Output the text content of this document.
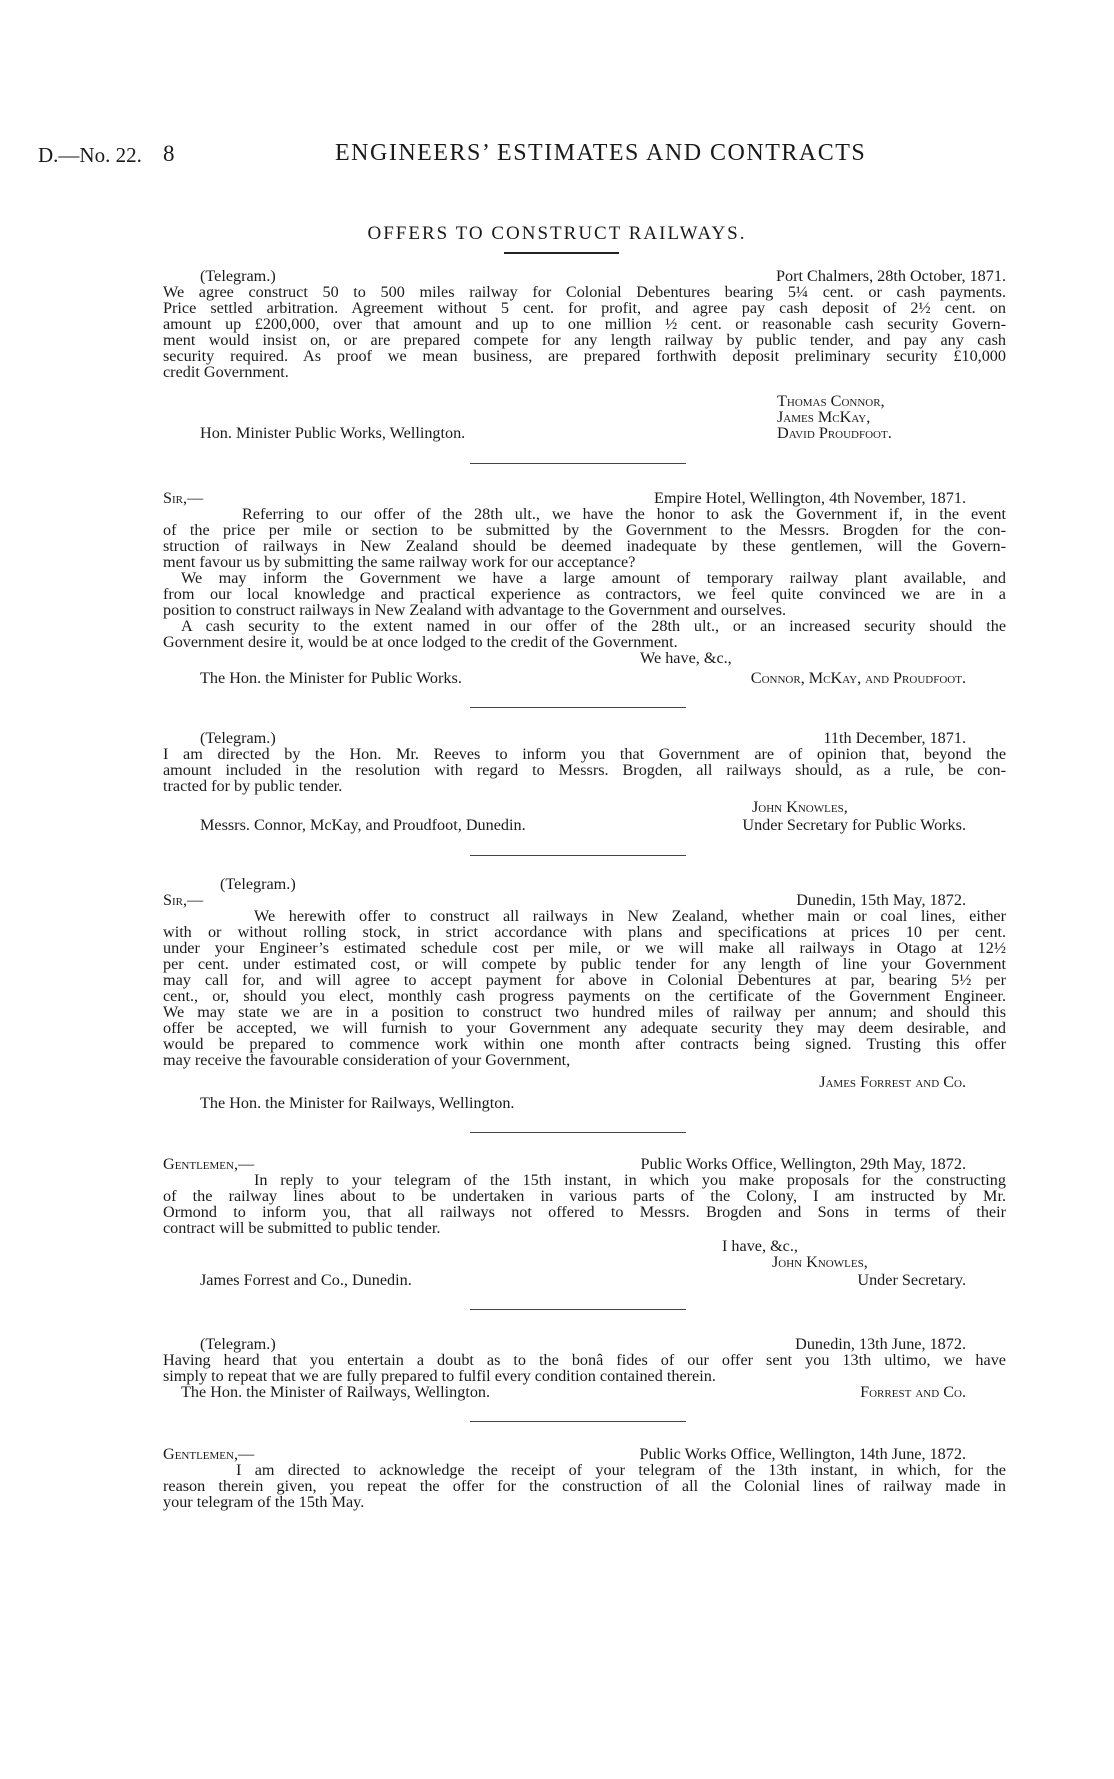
D.—No. 22. 8	ENGINEERS’ ESTIMATES AND CONTRACTS
OFFERS TO CONSTRUCT RAILWAYS.
(Telegram.)	Port Chalmers, 28th October, 1871.
We agree construct 50 to 500 miles railway for Colonial Debentures bearing 5¼ cent. or cash payments.
Price settled arbitration. Agreement without 5 cent. for profit, and agree pay cash deposit of 2½ cent. on
amount up £200,000, over that amount and up to one million ½ cent. or reasonable cash security Govern-
ment would insist on, or are prepared compete for any length railway by public tender, and pay any cash
security required. As proof we mean business, are prepared forthwith deposit preliminary security £10,000
credit Government.
Thomas Connor,
James McKay,
David Proudfoot.
Hon. Minister Public Works, Wellington.
Sir,—	Empire Hotel, Wellington, 4th November, 1871.
Referring to our offer of the 28th ult., we have the honor to ask the Government if, in the event
of the price per mile or section to be submitted by the Government to the Messrs. Brogden for the con-
struction of railways in New Zealand should be deemed inadequate by these gentlemen, will the Govern-
ment favour us by submitting the same railway work for our acceptance?
We may inform the Government we have a large amount of temporary railway plant available, and
from our local knowledge and practical experience as contractors, we feel quite convinced we are in a
position to construct railways in New Zealand with advantage to the Government and ourselves.
A cash security to the extent named in our offer of the 28th ult., or an increased security should the
Government desire it, would be at once lodged to the credit of the Government.
We have, &c.,
The Hon. the Minister for Public Works.	Connor, McKay, and Proudfoot.
(Telegram.)	11th December, 1871.
I am directed by the Hon. Mr. Reeves to inform you that Government are of opinion that, beyond the
amount included in the resolution with regard to Messrs. Brogden, all railways should, as a rule, be con-
tracted for by public tender.
John Knowles,
Messrs. Connor, McKay, and Proudfoot, Dunedin.	Under Secretary for Public Works.
(Telegram.)
Sir,—	Dunedin, 15th May, 1872.
We herewith offer to construct all railways in New Zealand, whether main or coal lines, either
with or without rolling stock, in strict accordance with plans and specifications at prices 10 per cent.
under your Engineer’s estimated schedule cost per mile, or we will make all railways in Otago at 12½
per cent. under estimated cost, or will compete by public tender for any length of line your Government
may call for, and will agree to accept payment for above in Colonial Debentures at par, bearing 5½ per
cent., or, should you elect, monthly cash progress payments on the certificate of the Government Engineer.
We may state we are in a position to construct two hundred miles of railway per annum; and should this
offer be accepted, we will furnish to your Government any adequate security they may deem desirable, and
would be prepared to commence work within one month after contracts being signed. Trusting this offer
may receive the favourable consideration of your Government,
James Forrest and Co.
The Hon. the Minister for Railways, Wellington.
Gentlemen,—	Public Works Office, Wellington, 29th May, 1872.
In reply to your telegram of the 15th instant, in which you make proposals for the constructing
of the railway lines about to be undertaken in various parts of the Colony, I am instructed by Mr.
Ormond to inform you, that all railways not offered to Messrs. Brogden and Sons in terms of their
contract will be submitted to public tender.
I have, &c.,
John Knowles,
James Forrest and Co., Dunedin.	Under Secretary.
(Telegram.)	Dunedin, 13th June, 1872.
Having heard that you entertain a doubt as to the bonâ fides of our offer sent you 13th ultimo, we have
simply to repeat that we are fully prepared to fulfil every condition contained therein.
The Hon. the Minister of Railways, Wellington.	Forrest and Co.
Gentlemen,—	Public Works Office, Wellington, 14th June, 1872.
I am directed to acknowledge the receipt of your telegram of the 13th instant, in which, for the
reason therein given, you repeat the offer for the construction of all the Colonial lines of railway made in
your telegram of the 15th May.
